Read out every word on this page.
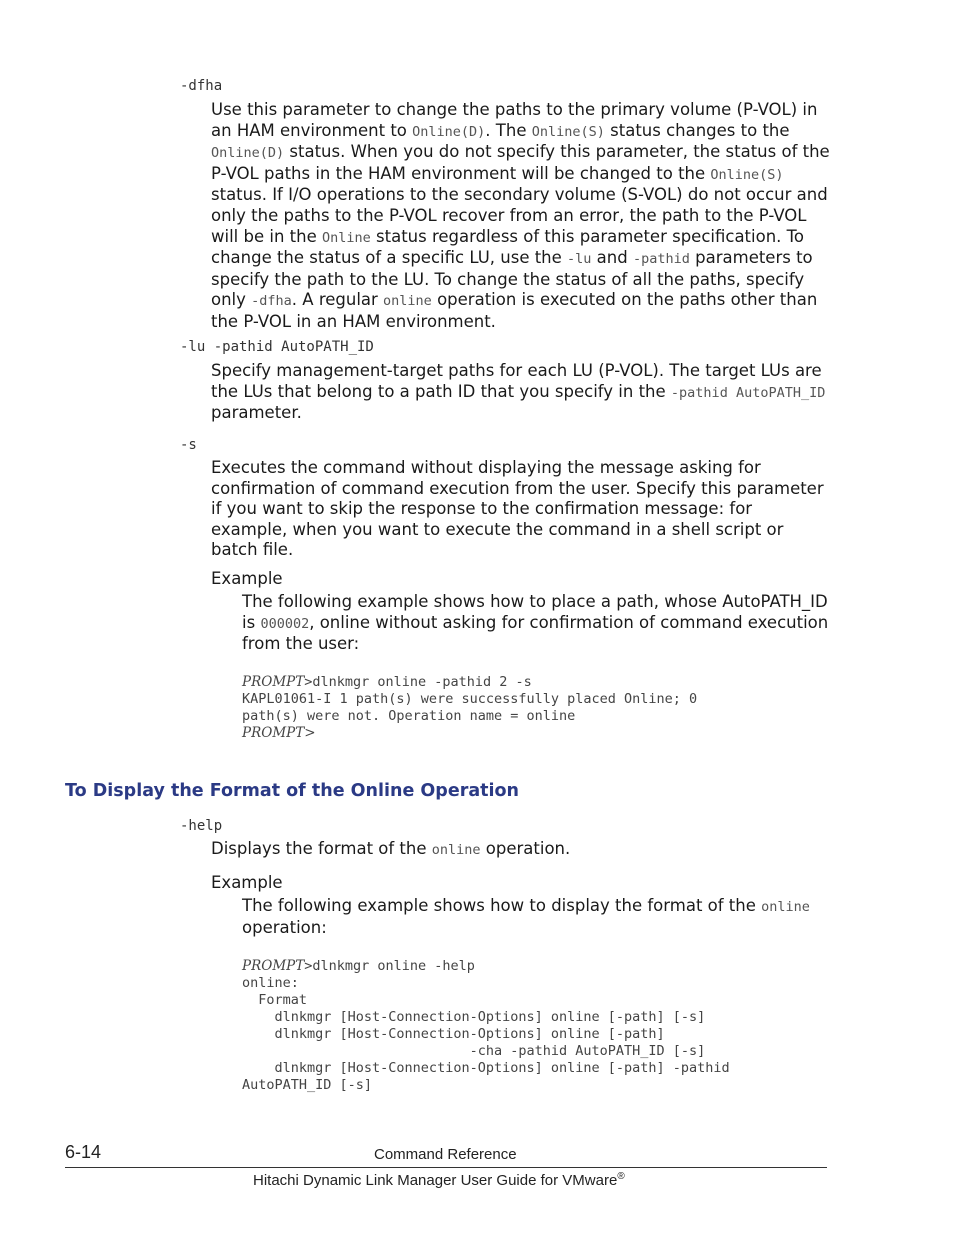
-dfha
Use this parameter to change the paths to the primary volume (P-VOL) in an HAM environment to Online(D). The Online(S) status changes to the Online(D) status. When you do not specify this parameter, the status of the P-VOL paths in the HAM environment will be changed to the Online(S) status. If I/O operations to the secondary volume (S-VOL) do not occur and only the paths to the P-VOL recover from an error, the path to the P-VOL will be in the Online status regardless of this parameter specification. To change the status of a specific LU, use the -lu and -pathid parameters to specify the path to the LU. To change the status of all the paths, specify only -dfha. A regular online operation is executed on the paths other than the P-VOL in an HAM environment.
-lu -pathid AutoPATH_ID
Specify management-target paths for each LU (P-VOL). The target LUs are the LUs that belong to a path ID that you specify in the -pathid AutoPATH_ID parameter.
-s
Executes the command without displaying the message asking for confirmation of command execution from the user. Specify this parameter if you want to skip the response to the confirmation message: for example, when you want to execute the command in a shell script or batch file.
Example
The following example shows how to place a path, whose AutoPATH_ID is 000002, online without asking for confirmation of command execution from the user:
PROMPT>dlnkmgr online -pathid 2 -s
KAPL01061-I 1 path(s) were successfully placed Online; 0
path(s) were not. Operation name = online
PROMPT>
To Display the Format of the Online Operation
-help
Displays the format of the online operation.
Example
The following example shows how to display the format of the online operation:
PROMPT>dlnkmgr online -help
online:
Format
dlnkmgr [Host-Connection-Options] online [-path] [-s]
dlnkmgr [Host-Connection-Options] online [-path]
-cha -pathid AutoPATH_ID [-s]
dlnkmgr [Host-Connection-Options] online [-path] -pathid
AutoPATH_ID [-s]
6-14	Command Reference
Hitachi Dynamic Link Manager User Guide for VMware®
